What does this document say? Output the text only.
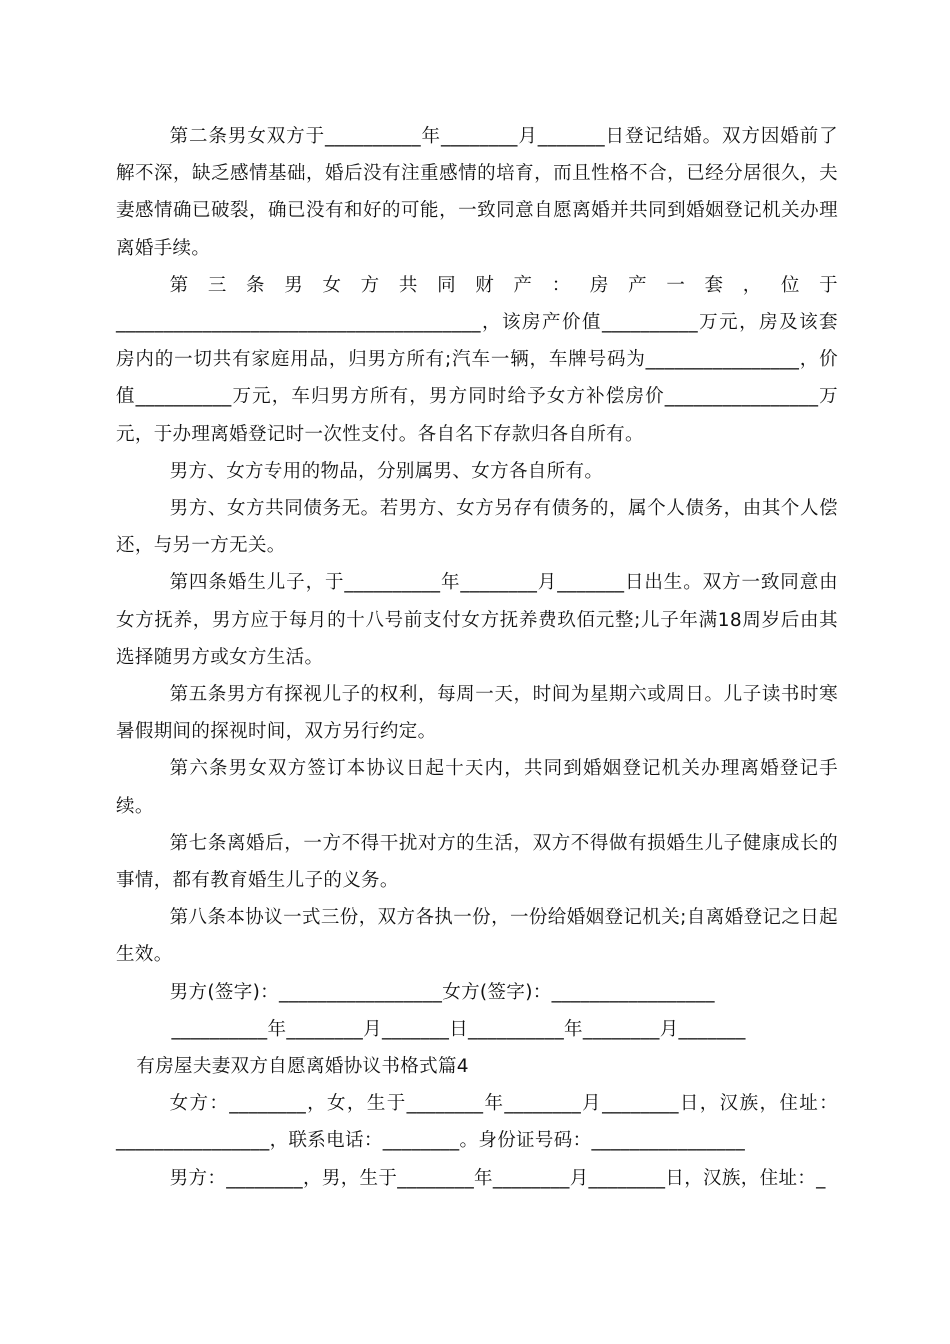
第二条男女双方于__________年________月_______日登记结婚。双方因婚前了解不深，缺乏感情基础，婚后没有注重感情的培育，而且性格不合，已经分居很久，夫妻感情确已破裂，确已没有和好的可能，一致同意自愿离婚并共同到婚姻登记机关办理离婚手续。

第三条男女方共同财产：房产一套，位于______________________________________，该房产价值__________万元，房及该套房内的一切共有家庭用品，归男方所有;汽车一辆，车牌号码为________________，价值__________万元，车归男方所有，男方同时给予女方补偿房价________________万元，于办理离婚登记时一次性支付。各自名下存款归各自所有。

男方、女方专用的物品，分别属男、女方各自所有。

男方、女方共同债务无。若男方、女方另存有债务的，属个人债务，由其个人偿还，与另一方无关。

第四条婚生儿子，于__________年________月_______日出生。双方一致同意由女方抚养，男方应于每月的十八号前支付女方抚养费玖佰元整;儿子年满18周岁后由其选择随男方或女方生活。

第五条男方有探视儿子的权利，每周一天，时间为星期六或周日。儿子读书时寒暑假期间的探视时间，双方另行约定。

第六条男女双方签订本协议日起十天内，共同到婚姻登记机关办理离婚登记手续。

第七条离婚后，一方不得干扰对方的生活，双方不得做有损婚生儿子健康成长的事情，都有教育婚生儿子的义务。

第八条本协议一式三份，双方各执一份，一份给婚姻登记机关;自离婚登记之日起生效。

男方(签字)：_________________女方(签字)：_________________

__________年________月_______日__________年________月_______

有房屋夫妻双方自愿离婚协议书格式篇4

女方：________，女，生于________年________月________日，汉族，住址：________________，联系电话：________。身份证号码：________________

男方：________，男，生于________年________月________日，汉族，住址：_
